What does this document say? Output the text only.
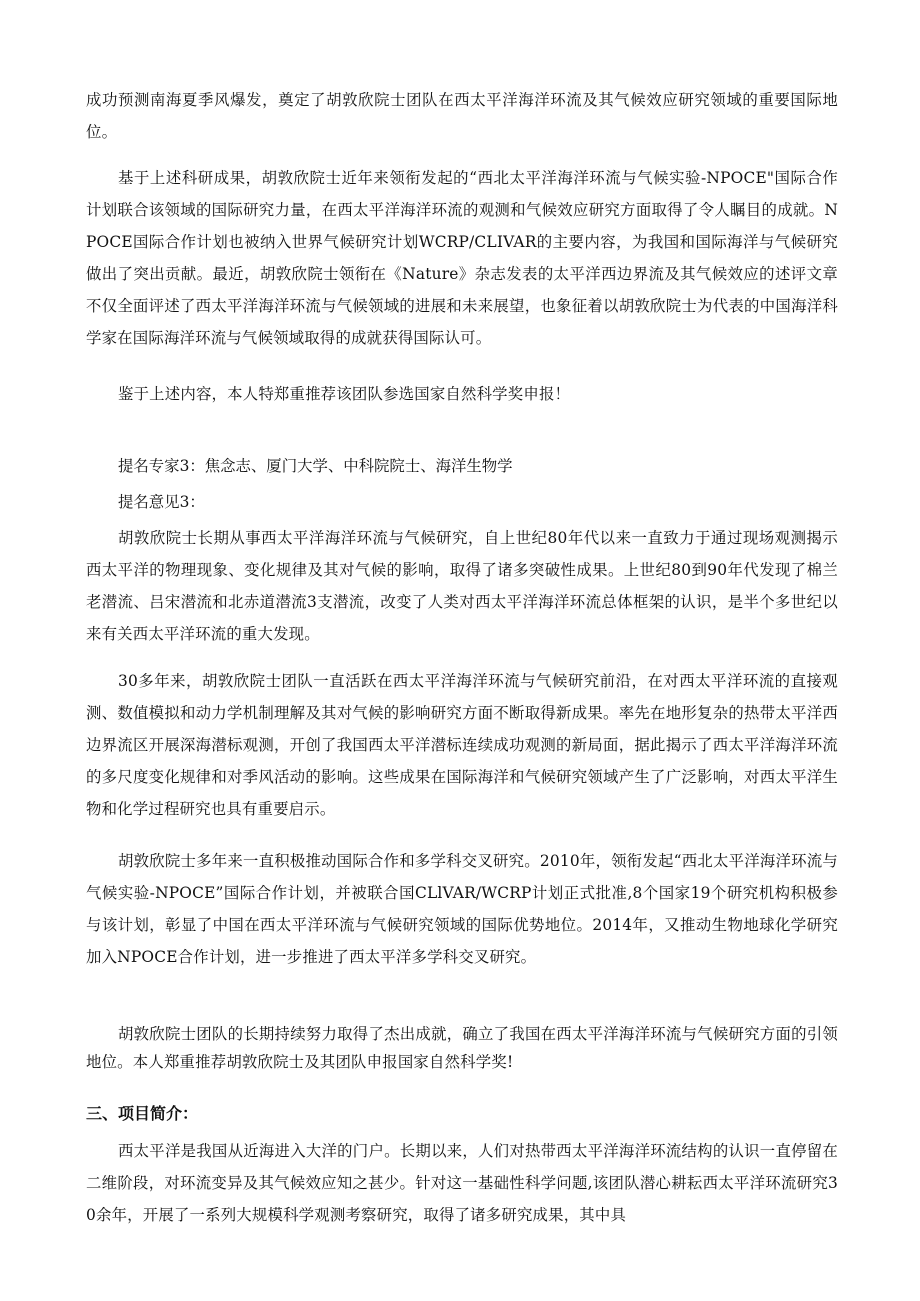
成功预测南海夏季风爆发，奠定了胡敦欣院士团队在西太平洋海洋环流及其气候效应研究领域的重要国际地位。

基于上述科研成果，胡敦欣院士近年来领衔发起的“西北太平洋海洋环流与气候实验-NPOCE"国际合作计划联合该领域的国际研究力量，在西太平洋海洋环流的观测和气候效应研究方面取得了令人瞩目的成就。NPOCE国际合作计划也被纳入世界气候研究计划WCRP/CLIVAR的主要内容，为我国和国际海洋与气候研究做出了突出贡献。最近，胡敦欣院士领衔在《Nature》杂志发表的太平洋西边界流及其气候效应的述评文章不仅全面评述了西太平洋海洋环流与气候领域的进展和未来展望，也象征着以胡敦欣院士为代表的中国海洋科学家在国际海洋环流与气候领域取得的成就获得国际认可。

鉴于上述内容，本人特郑重推荐该团队参选国家自然科学奖申报！

提名专家3：焦念志、厦门大学、中科院院士、海洋生物学

提名意见3：

胡敦欣院士长期从事西太平洋海洋环流与气候研究，自上世纪80年代以来一直致力于通过现场观测揭示西太平洋的物理现象、变化规律及其对气候的影响，取得了诸多突破性成果。上世纪80到90年代发现了棉兰老潜流、吕宋潜流和北赤道潜流3支潜流，改变了人类对西太平洋海洋环流总体框架的认识，是半个多世纪以来有关西太平洋环流的重大发现。

30多年来，胡敦欣院士团队一直活跃在西太平洋海洋环流与气候研究前沿，在对西太平洋环流的直接观测、数值模拟和动力学机制理解及其对气候的影响研究方面不断取得新成果。率先在地形复杂的热带太平洋西边界流区开展深海潜标观测，开创了我国西太平洋潜标连续成功观测的新局面，据此揭示了西太平洋海洋环流的多尺度变化规律和对季风活动的影响。这些成果在国际海洋和气候研究领域产生了广泛影响，对西太平洋生物和化学过程研究也具有重要启示。

胡敦欣院士多年来一直积极推动国际合作和多学科交叉研究。2010年，领衔发起“西北太平洋海洋环流与气候实验-NPOCE”国际合作计划，并被联合国CLlVAR/WCRP计划正式批准,8个国家19个研究机构积极参与该计划，彰显了中国在西太平洋环流与气候研究领域的国际优势地位。2014年，又推动生物地球化学研究加入NPOCE合作计划，进一步推进了西太平洋多学科交叉研究。

胡敦欣院士团队的长期持续努力取得了杰出成就，确立了我国在西太平洋海洋环流与气候研究方面的引领地位。本人郑重推荐胡敦欣院士及其团队申报国家自然科学奖!

三、项目简介：

西太平洋是我国从近海进入大洋的门户。长期以来，人们对热带西太平洋海洋环流结构的认识一直停留在二维阶段，对环流变异及其气候效应知之甚少。针对这一基础性科学问题,该团队潜心耕耘西太平洋环流研究30余年，开展了一系列大规模科学观测考察研究，取得了诸多研究成果，其中具
